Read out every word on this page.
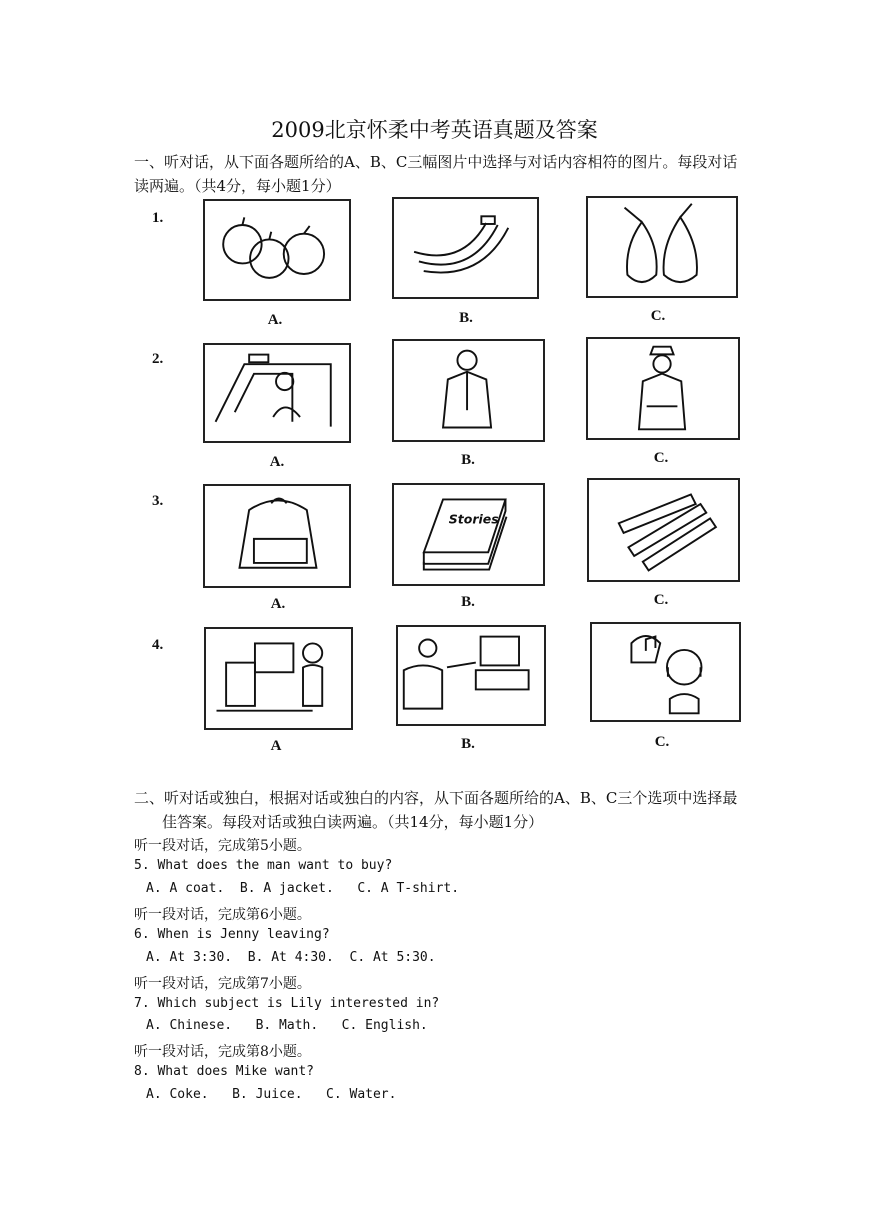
2009北京怀柔中考英语真题及答案
一、听对话，从下面各题所给的A、B、C三幅图片中选择与对话内容相符的图片。每段对话读两遍。（共4分，每小题1分）
1.
A.	B.	C.
2.
A.	B.	C.
3.
Stories
A.	B.	C.
4.
A	B.	C.
二、听对话或独白，根据对话或独白的内容，从下面各题所给的A、B、C三个选项中选择最
佳答案。每段对话或独白读两遍。（共14分，每小题1分）
听一段对话，完成第5小题。
5. What does the man want to buy?
A. A coat.  B. A jacket.   C. A T-shirt.
听一段对话，完成第6小题。
6. When is Jenny leaving?
A. At 3:30.  B. At 4:30.  C. At 5:30.
听一段对话，完成第7小题。
7. Which subject is Lily interested in?
A. Chinese.   B. Math.   C. English.
听一段对话，完成第8小题。
8. What does Mike want?
A. Coke.   B. Juice.   C. Water.
